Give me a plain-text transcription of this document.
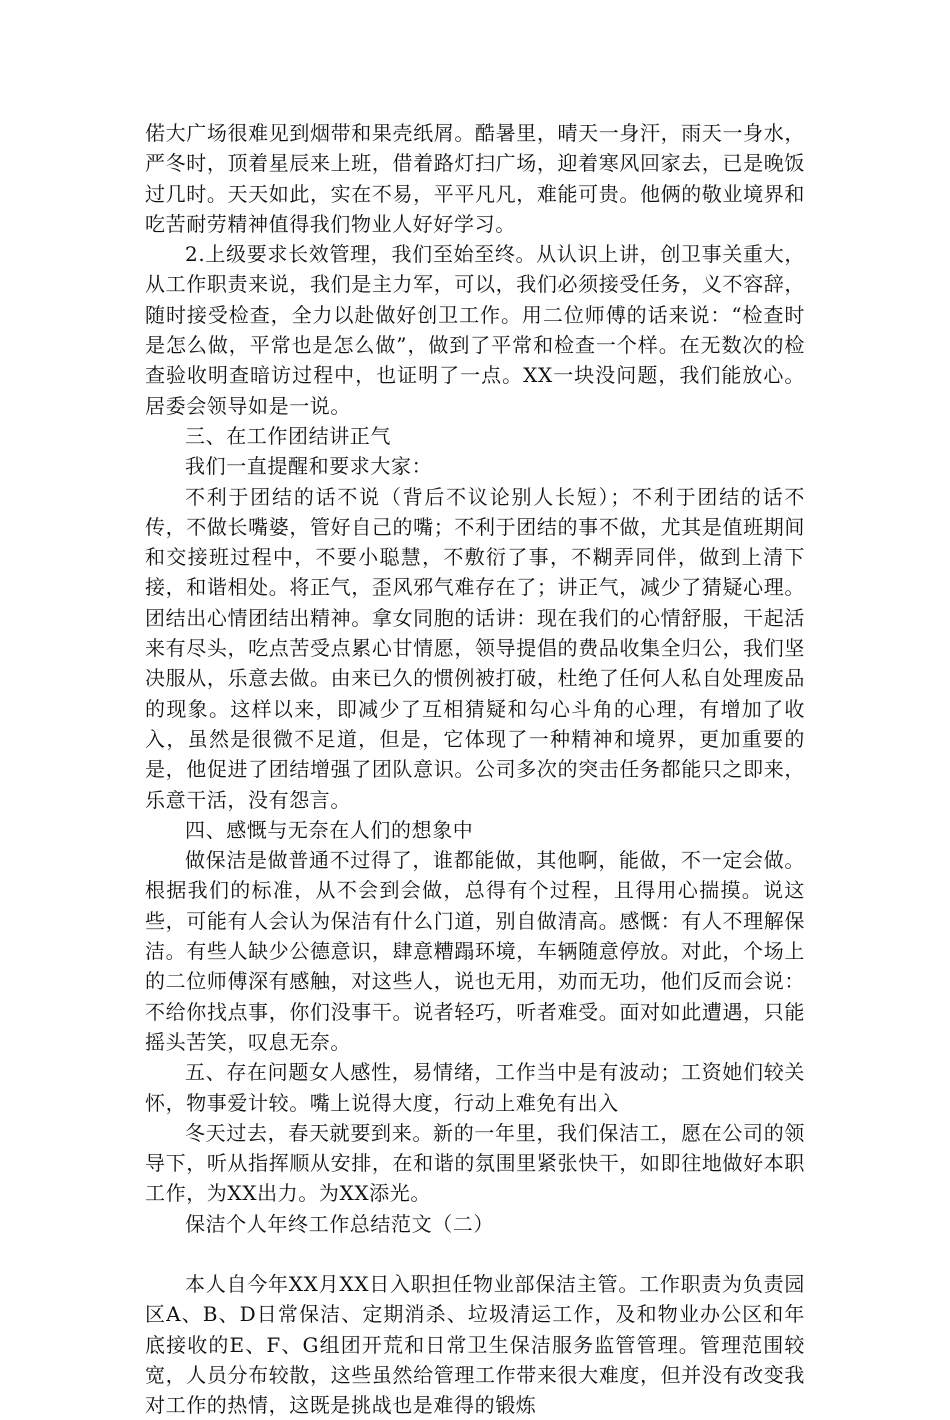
偌大广场很难见到烟带和果壳纸屑。酷暑里，晴天一身汗，雨天一身水，严冬时，顶着星辰来上班，借着路灯扫广场，迎着寒风回家去，已是晚饭过几时。天天如此，实在不易，平平凡凡，难能可贵。他俩的敬业境界和吃苦耐劳精神值得我们物业人好好学习。

2.上级要求长效管理，我们至始至终。从认识上讲，创卫事关重大，从工作职责来说，我们是主力军，可以，我们必须接受任务，义不容辞，随时接受检查，全力以赴做好创卫工作。用二位师傅的话来说：“检查时是怎么做，平常也是怎么做”，做到了平常和检查一个样。在无数次的检查验收明查暗访过程中，也证明了一点。XX一块没问题，我们能放心。居委会领导如是一说。

三、在工作团结讲正气

我们一直提醒和要求大家：

不利于团结的话不说（背后不议论别人长短）；不利于团结的话不传，不做长嘴婆，管好自己的嘴；不利于团结的事不做，尤其是值班期间和交接班过程中，不要小聪慧，不敷衍了事，不糊弄同伴，做到上清下接，和谐相处。将正气，歪风邪气难存在了；讲正气，减少了猜疑心理。团结出心情团结出精神。拿女同胞的话讲：现在我们的心情舒服，干起活来有尽头，吃点苦受点累心甘情愿，领导提倡的费品收集全归公，我们坚决服从，乐意去做。由来已久的惯例被打破，杜绝了任何人私自处理废品的现象。这样以来，即减少了互相猜疑和勾心斗角的心理，有增加了收入，虽然是很微不足道，但是，它体现了一种精神和境界，更加重要的是，他促进了团结增强了团队意识。公司多次的突击任务都能只之即来，乐意干活，没有怨言。

四、感慨与无奈在人们的想象中

做保洁是做普通不过得了，谁都能做，其他啊，能做，不一定会做。根据我们的标准，从不会到会做，总得有个过程，且得用心揣摸。说这些，可能有人会认为保洁有什么门道，别自做清高。感慨：有人不理解保洁。有些人缺少公德意识，肆意糟蹋环境，车辆随意停放。对此，个场上的二位师傅深有感触，对这些人，说也无用，劝而无功，他们反而会说：不给你找点事，你们没事干。说者轻巧，听者难受。面对如此遭遇，只能摇头苦笑，叹息无奈。

五、存在问题女人感性，易情绪，工作当中是有波动；工资她们较关怀，物事爱计较。嘴上说得大度，行动上难免有出入

冬天过去，春天就要到来。新的一年里，我们保洁工，愿在公司的领导下，听从指挥顺从安排，在和谐的氛围里紧张快干，如即往地做好本职工作，为XX出力。为XX添光。

保洁个人年终工作总结范文（二）

本人自今年XX月XX日入职担任物业部保洁主管。工作职责为负责园区A、B、D日常保洁、定期消杀、垃圾清运工作，及和物业办公区和年底接收的E、F、G组团开荒和日常卫生保洁服务监管管理。管理范围较宽，人员分布较散，这些虽然给管理工作带来很大难度，但并没有改变我对工作的热情，这既是挑战也是难得的锻炼
